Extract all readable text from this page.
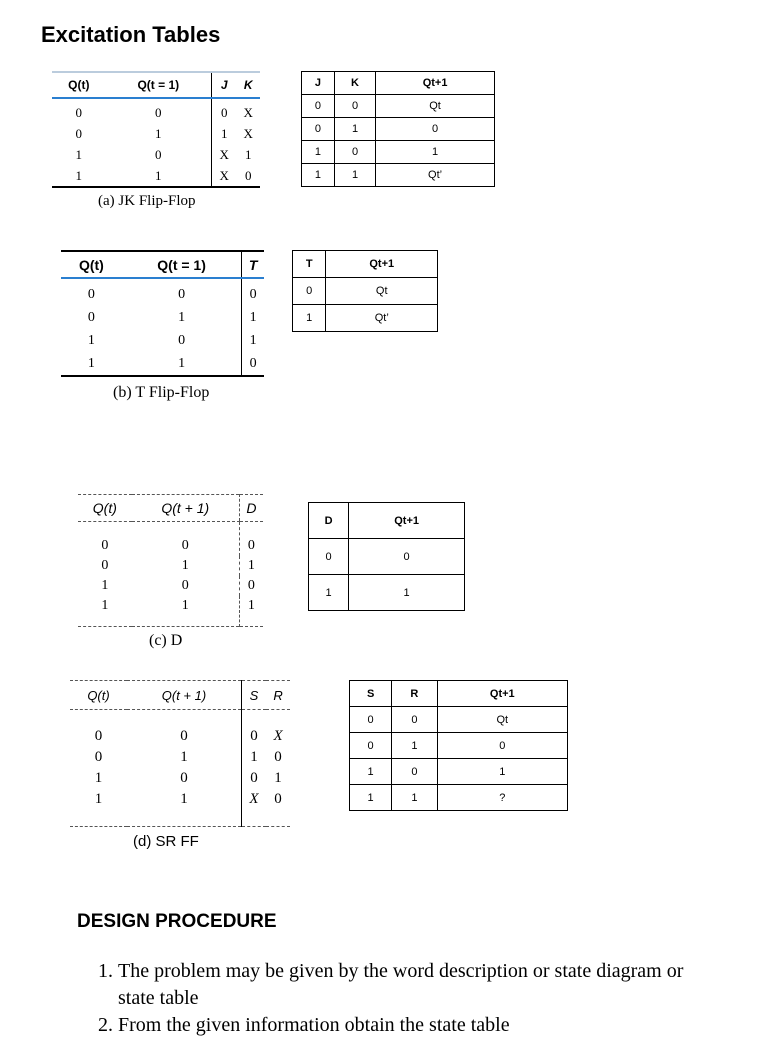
Excitation Tables
Q(t)	Q(t = 1)	J	K
0	0	0	X
0	1	1	X
1	0	X	1
1	1	X	0
(a) JK Flip-Flop
J	K	Qt+1
0	0	Qt
0	1	0
1	0	1
1	1	Qt’
Q(t)	Q(t = 1)	T
0	0	0
0	1	1
1	0	1
1	1	0
(b) T Flip-Flop
T	Qt+1
0	Qt
1	Qt’
Q(t)	Q(t + 1)	D
0	0	0
0	1	1
1	0	0
1	1	1
(c) D
D	Qt+1
0	0
1	1
Q(t)	Q(t + 1)	S	R
0	0	0	X
0	1	1	0
1	0	0	1
1	1	X	0
(d) SR FF
S	R	Qt+1
0	0	Qt
0	1	0
1	0	1
1	1	?
DESIGN PROCEDURE
1. The problem may be given by the word description or state diagram or state table
2. From the given information obtain the state table
